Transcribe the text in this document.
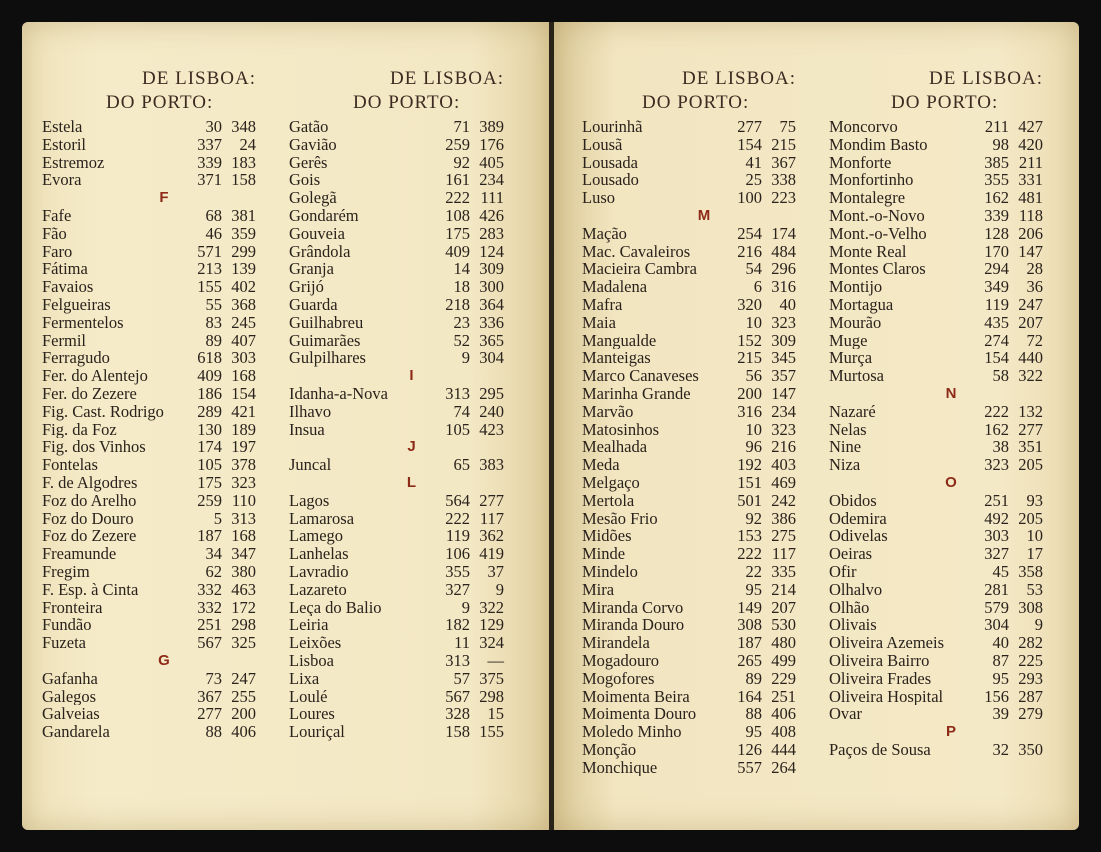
DE LISBOA:
DO PORTO:
Estela	30 348
Estoril	337	24
Estremoz	339 183
Evora	371 158
F
Fafe	68 381
Fão	46 359
Faro	571 299
Fátima	213 139
Favaios	155 402
Felgueiras	55 368
Fermentelos	83 245
Fermil	89 407
Ferragudo	618 303
Fer. do Alentejo	409 168
Fer. do Zezere	186 154
Fig. Cast. Rodrigo	289 421
Fig. da Foz	130 189
Fig. dos Vinhos	174 197
Fontelas	105 378
F. de Algodres	175 323
Foz do Arelho	259 110
Foz do Douro	5 313
Foz do Zezere	187 168
Freamunde	34 347
Fregim	62 380
F. Esp. à Cinta	332 463
Fronteira	332 172
Fundão	251 298
Fuzeta	567 325
G
Gafanha	73 247
Galegos	367 255
Galveias	277 200
Gandarela	88 406
DE LISBOA:
DO PORTO:
Gatão	71 389
Gavião	259 176
Gerês	92 405
Gois	161 234
Golegã	222 111
Gondarém	108 426
Gouveia	175 283
Grândola	409 124
Granja	14 309
Grijó	18 300
Guarda	218 364
Guilhabreu	23 336
Guimarães	52 365
Gulpilhares	9 304
I
Idanha-a-Nova	313 295
Ilhavo	74 240
Insua	105 423
J
Juncal	65 383
L
Lagos	564 277
Lamarosa	222 117
Lamego	119 362
Lanhelas	106 419
Lavradio	355	37
Lazareto	327	9
Leça do Balio	9 322
Leiria	182 129
Leixões	11 324
Lisboa	313	—
Lixa	57 375
Loulé	567 298
Loures	328	15
Louriçal	158 155
DE LISBOA:
DO PORTO:
Lourinhã	277	75
Lousã	154 215
Lousada	41 367
Lousado	25 338
Luso	100 223
M
Mação	254 174
Mac. Cavaleiros	216 484
Macieira Cambra	54 296
Madalena	6 316
Mafra	320	40
Maia	10 323
Mangualde	152 309
Manteigas	215 345
Marco Canaveses	56 357
Marinha Grande	200 147
Marvão	316 234
Matosinhos	10 323
Mealhada	96 216
Meda	192 403
Melgaço	151 469
Mertola	501 242
Mesão Frio	92 386
Midões	153 275
Minde	222 117
Mindelo	22 335
Mira	95 214
Miranda Corvo	149 207
Miranda Douro	308 530
Mirandela	187 480
Mogadouro	265 499
Mogofores	89 229
Moimenta Beira	164 251
Moimenta Douro	88 406
Moledo Minho	95 408
Monção	126 444
Monchique	557 264
DE LISBOA:
DO PORTO:
Moncorvo	211 427
Mondim Basto	98 420
Monforte	385 211
Monfortinho	355 331
Montalegre	162 481
Mont.-o-Novo	339 118
Mont.-o-Velho	128 206
Monte Real	170 147
Montes Claros	294	28
Montijo	349	36
Mortagua	119 247
Mourão	435 207
Muge	274	72
Murça	154 440
Murtosa	58 322
N
Nazaré	222 132
Nelas	162 277
Nine	38 351
Niza	323 205
O
Obidos	251	93
Odemira	492 205
Odivelas	303	10
Oeiras	327	17
Ofir	45 358
Olhalvo	281	53
Olhão	579 308
Olivais	304	9
Oliveira Azemeis	40 282
Oliveira Bairro	87 225
Oliveira Frades	95 293
Oliveira Hospital	156 287
Ovar	39 279
P
Paços de Sousa	32 350
